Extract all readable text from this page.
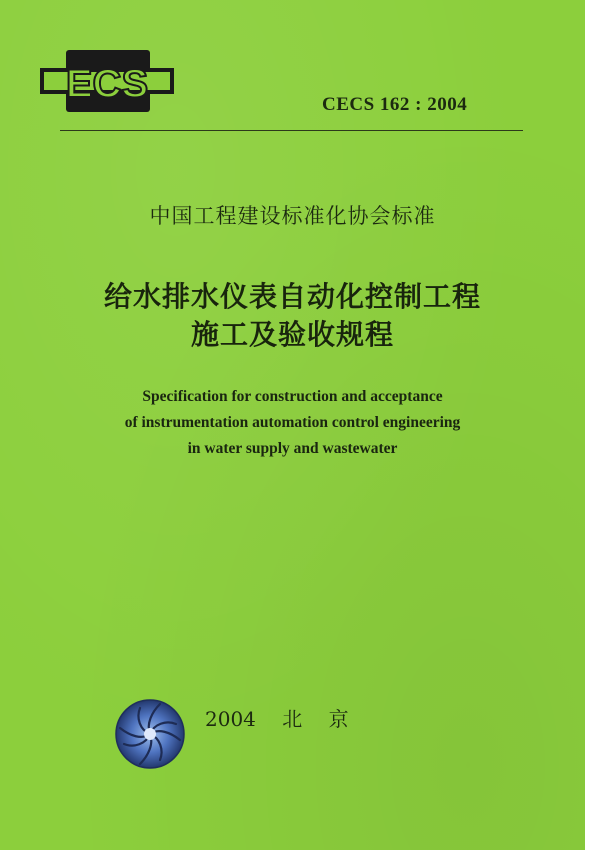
ECS	CECS 162 : 2004
中国工程建设标准化协会标准
给水排水仪表自动化控制工程
施工及验收规程
Specification for construction and acceptance
of instrumentation automation control engineering
in water supply and wastewater
2004 北 京
